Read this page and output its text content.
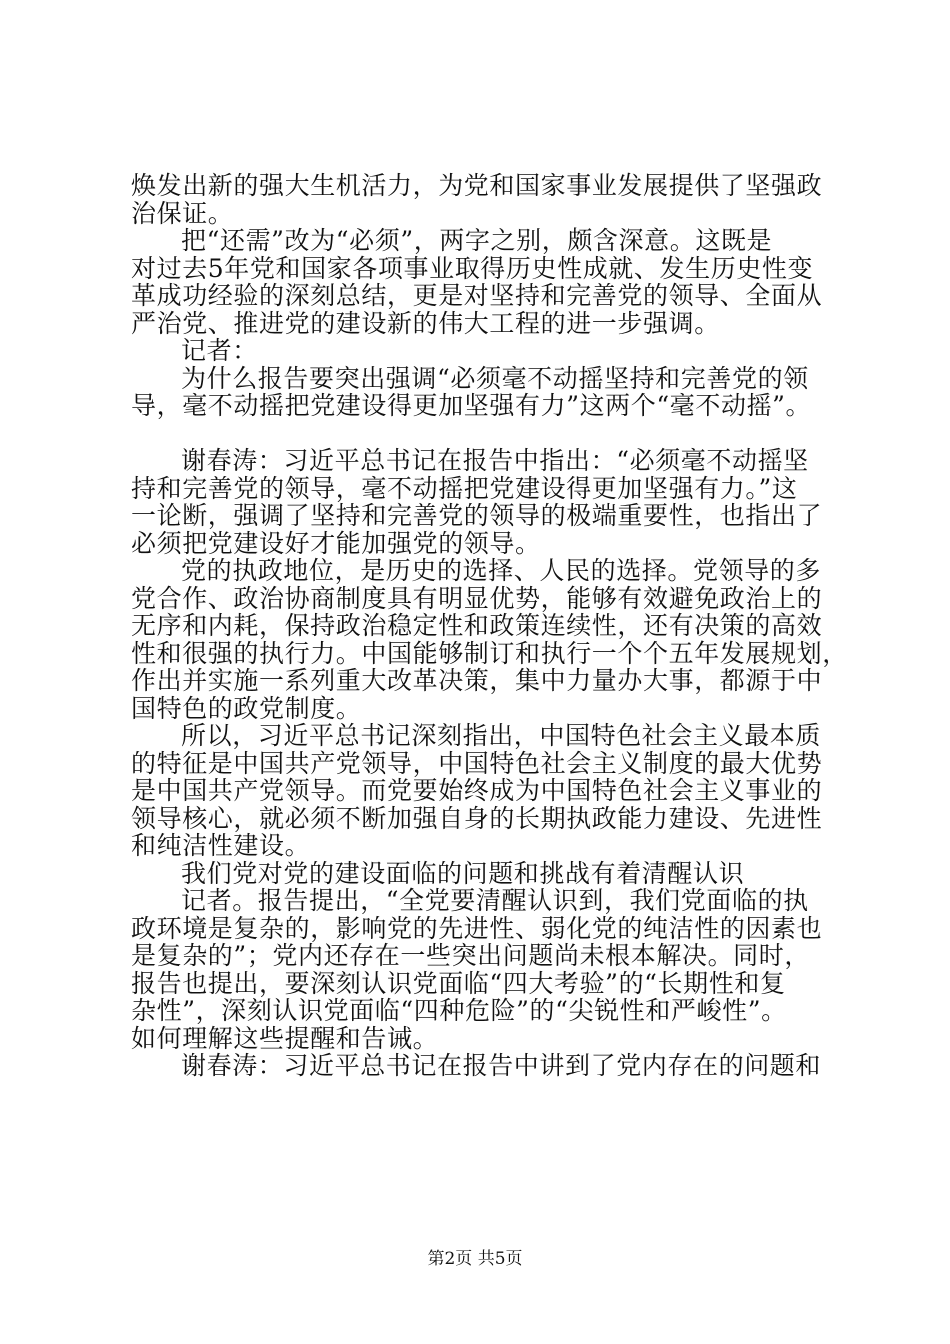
焕发出新的强大生机活力，为党和国家事业发展提供了坚强政
治保证。
把“还需”改为“必须”，两字之别，颇含深意。这既是
对过去5年党和国家各项事业取得历史性成就、发生历史性变
革成功经验的深刻总结，更是对坚持和完善党的领导、全面从
严治党、推进党的建设新的伟大工程的进一步强调。
记者：
为什么报告要突出强调“必须毫不动摇坚持和完善党的领
导，毫不动摇把党建设得更加坚强有力”这两个“毫不动摇”。
谢春涛：习近平总书记在报告中指出：“必须毫不动摇坚
持和完善党的领导，毫不动摇把党建设得更加坚强有力。”这
一论断，强调了坚持和完善党的领导的极端重要性，也指出了
必须把党建设好才能加强党的领导。
党的执政地位，是历史的选择、人民的选择。党领导的多
党合作、政治协商制度具有明显优势，能够有效避免政治上的
无序和内耗，保持政治稳定性和政策连续性，还有决策的高效
性和很强的执行力。中国能够制订和执行一个个五年发展规划，
作出并实施一系列重大改革决策，集中力量办大事，都源于中
国特色的政党制度。
所以，习近平总书记深刻指出，中国特色社会主义最本质
的特征是中国共产党领导，中国特色社会主义制度的最大优势
是中国共产党领导。而党要始终成为中国特色社会主义事业的
领导核心，就必须不断加强自身的长期执政能力建设、先进性
和纯洁性建设。
我们党对党的建设面临的问题和挑战有着清醒认识
记者。报告提出，“全党要清醒认识到，我们党面临的执
政环境是复杂的，影响党的先进性、弱化党的纯洁性的因素也
是复杂的”；党内还存在一些突出问题尚未根本解决。同时，
报告也提出，要深刻认识党面临“四大考验”的“长期性和复
杂性”，深刻认识党面临“四种危险”的“尖锐性和严峻性”。
如何理解这些提醒和告诫。
谢春涛：习近平总书记在报告中讲到了党内存在的问题和
第2页 共5页
